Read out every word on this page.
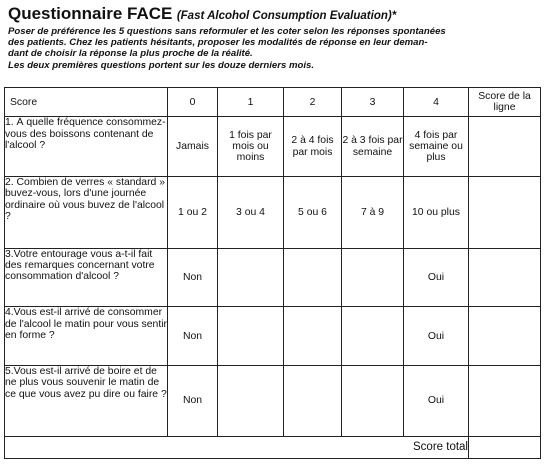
Questionnaire FACE (Fast Alcohol Consumption Evaluation)*

Poser de préférence les 5 questions sans reformuler et les coter selon les réponses spontanées

des patients. Chez les patients hésitants, proposer les modalités de réponse en leur deman-

dant de choisir la réponse la plus proche de la réalité.

Les deux premières questions portent sur les douze derniers mois.

Score	0	1	2	3	4	Score de la ligne
1. À quelle fréquence consommez-vous des boissons contenant de l'alcool ?	Jamais	1 fois par mois ou moins	2 à 4 fois par mois	2 à 3 fois par semaine	4 fois par semaine ou plus	
2. Combien de verres « standard » buvez-vous, lors d'une journée ordinaire où vous buvez de l'alcool ?	1 ou 2	3 ou 4	5 ou 6	7 à 9	10 ou plus	
3.Votre entourage vous a-t-il fait des remarques concernant votre consommation d'alcool ?	Non				Oui	
4.Vous est-il arrivé de consommer de l'alcool le matin pour vous sentir en forme ?	Non				Oui	
5.Vous est-il arrivé de boire et de ne plus vous souvenir le matin de ce que vous avez pu dire ou faire ?	Non				Oui	
Score total						
